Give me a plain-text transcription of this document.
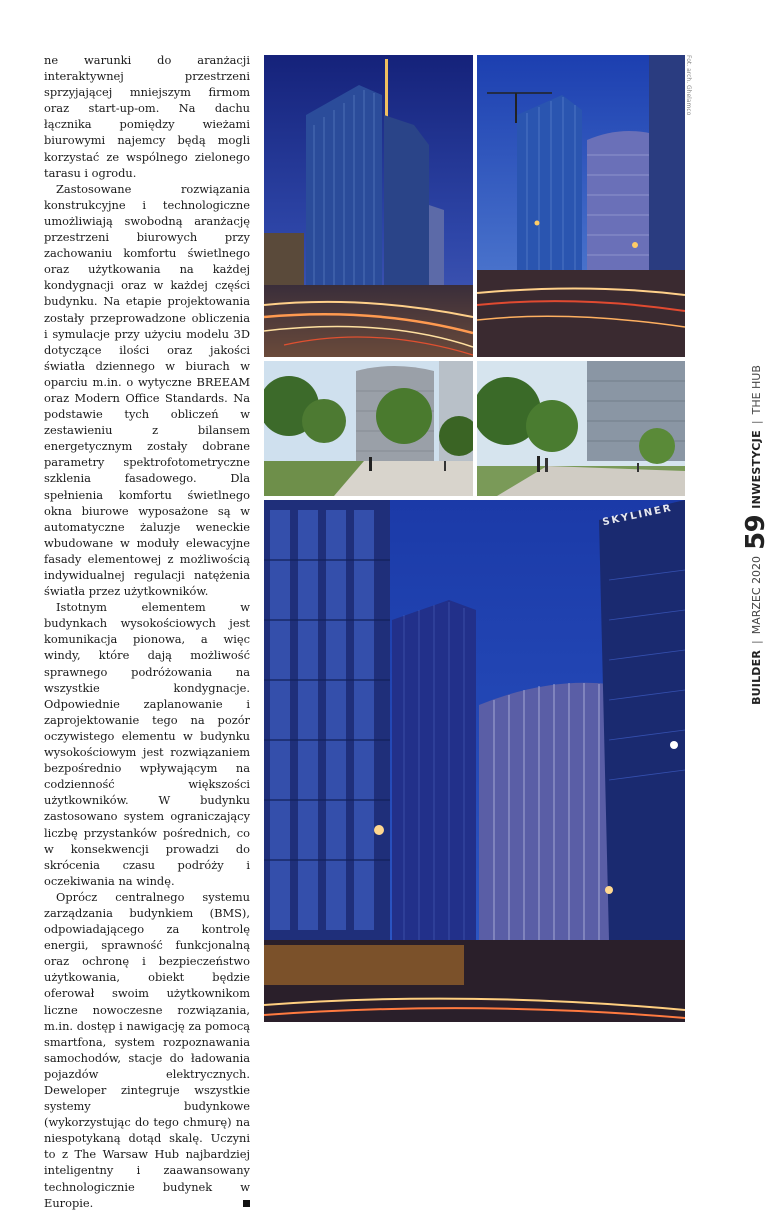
ne warunki do aranżacji interaktywnej przestrzeni sprzyjającej mniejszym firmom oraz start-up-om. Na dachu łącznika pomiędzy wieżami biurowymi najemcy będą mogli korzystać ze wspólnego zielonego tarasu i ogrodu.

Zastosowane rozwiązania konstrukcyjne i technologiczne umożliwiają swobodną aranżację przestrzeni biurowych przy zachowaniu komfortu świetlnego oraz użytkowania na każdej kondygnacji oraz w każdej części budynku. Na etapie projektowania zostały przeprowadzone obliczenia i symulacje przy użyciu modelu 3D dotyczące ilości oraz jakości światła dziennego w biurach w oparciu m.in. o wytyczne BREEAM oraz Modern Office Standards. Na podstawie tych obliczeń w zestawieniu z bilansem energetycznym zostały dobrane parametry spektrofotometryczne szklenia fasadowego. Dla spełnienia komfortu świetlnego okna biurowe wyposażone są w automatyczne żaluzje weneckie wbudowane w moduły elewacyjne fasady elementowej z możliwością indywidualnej regulacji natężenia światła przez użytkowników.

Istotnym elementem w budynkach wysokościowych jest komunikacja pionowa, a więc windy, które dają możliwość sprawnego podróżowania na wszystkie kondygnacje. Odpowiednie zaplanowanie i zaprojektowanie tego na pozór oczywistego elementu w budynku wysokościowym jest rozwiązaniem bezpośrednio wpływającym na codzienność większości użytkowników. W budynku zastosowano system ograniczający liczbę przystanków pośrednich, co w konsekwencji prowadzi do skrócenia czasu podróży i oczekiwania na windę.

Oprócz centralnego systemu zarządzania budynkiem (BMS), odpowiadającego za kontrolę energii, sprawność funkcjonalną oraz ochronę i bezpieczeństwo użytkowania, obiekt będzie oferował swoim użytkownikom liczne nowoczesne rozwiązania, m.in. dostęp i nawigację za pomocą smartfona, system rozpoznawania samochodów, stacje do ładowania pojazdów elektrycznych. Deweloper zintegruje wszystkie systemy budynkowe (wykorzystując do tego chmurę) na niespotykaną dotąd skalę. Uczyni to z The Warsaw Hub najbardziej inteligentny i zaawansowany technologicznie budynek w Europie.

SKYLINER
Fot. arch. Ghelamco
BUILDER
|
MARZEC 2020
59
INWESTYCJE
|
THE HUB
